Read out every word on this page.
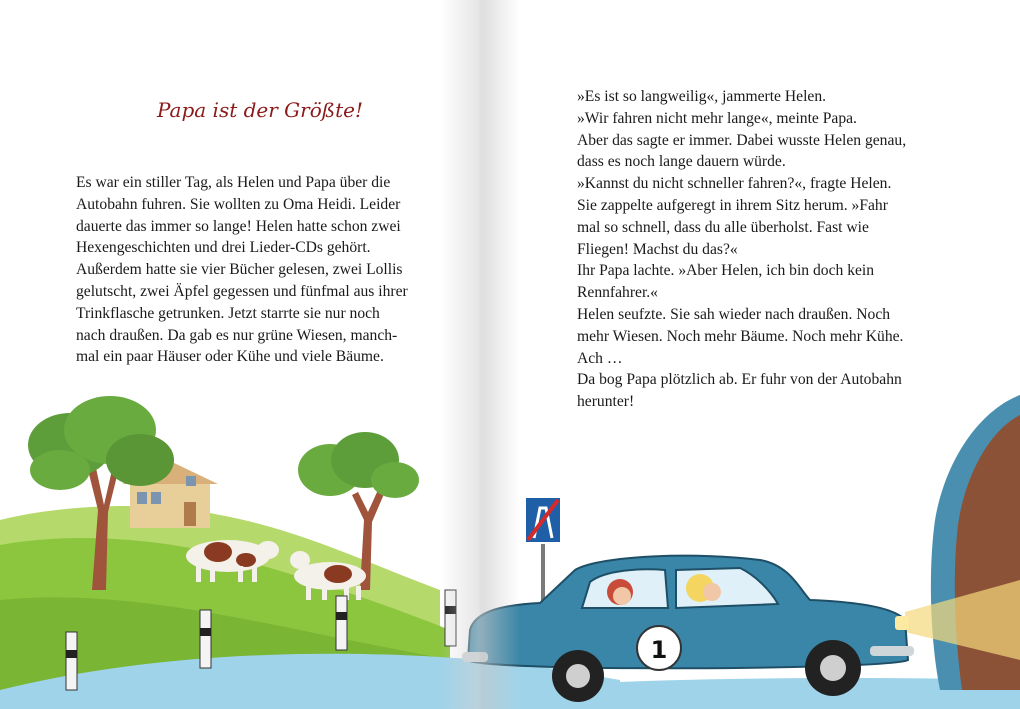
Papa ist der Größte!
Es war ein stiller Tag, als Helen und Papa über die
Autobahn fuhren. Sie wollten zu Oma Heidi. Leider
dauerte das immer so lange! Helen hatte schon zwei
Hexengeschichten und drei Lieder-CDs gehört.
Außerdem hatte sie vier Bücher gelesen, zwei Lollis
gelutscht, zwei Äpfel gegessen und fünfmal aus ihrer
Trinkflasche getrunken. Jetzt starrte sie nur noch
nach draußen. Da gab es nur grüne Wiesen, manch-
mal ein paar Häuser oder Kühe und viele Bäume.
»Es ist so langweilig«, jammerte Helen.
»Wir fahren nicht mehr lange«, meinte Papa.
Aber das sagte er immer. Dabei wusste Helen genau,
dass es noch lange dauern würde.
»Kannst du nicht schneller fahren?«, fragte Helen.
Sie zappelte aufgeregt in ihrem Sitz herum. »Fahr
mal so schnell, dass du alle überholst. Fast wie
Fliegen! Machst du das?«
Ihr Papa lachte. »Aber Helen, ich bin doch kein
Rennfahrer.«
Helen seufzte. Sie sah wieder nach draußen. Noch
mehr Wiesen. Noch mehr Bäume. Noch mehr Kühe.
Ach …
Da bog Papa plötzlich ab. Er fuhr von der Autobahn
herunter!
1
